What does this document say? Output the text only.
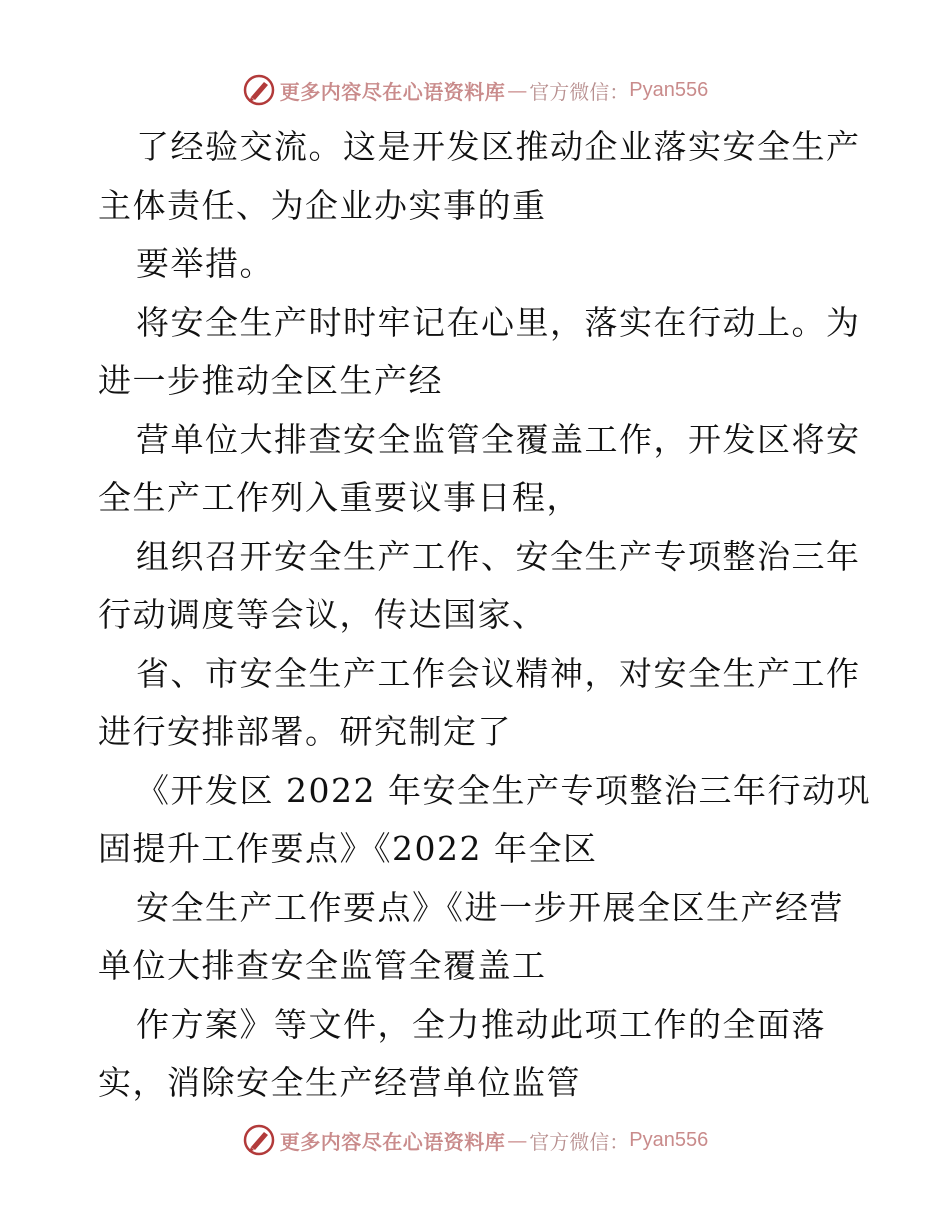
更多内容尽在心语资料库 — 官方微信： Pyan556
了经验交流。这是开发区推动企业落实安全生产
主体责任、为企业办实事的重
要举措。
将安全生产时时牢记在心里，落实在行动上。为
进一步推动全区生产经
营单位大排查安全监管全覆盖工作，开发区将安
全生产工作列入重要议事日程，
组织召开安全生产工作、安全生产专项整治三年
行动调度等会议，传达国家、
省、市安全生产工作会议精神，对安全生产工作
进行安排部署。研究制定了
《开发区 2022 年安全生产专项整治三年行动巩
固提升工作要点》《2022 年全区
安全生产工作要点》《进一步开展全区生产经营
单位大排查安全监管全覆盖工
作方案》等文件，全力推动此项工作的全面落
实，消除安全生产经营单位监管
更多内容尽在心语资料库 — 官方微信： Pyan556
